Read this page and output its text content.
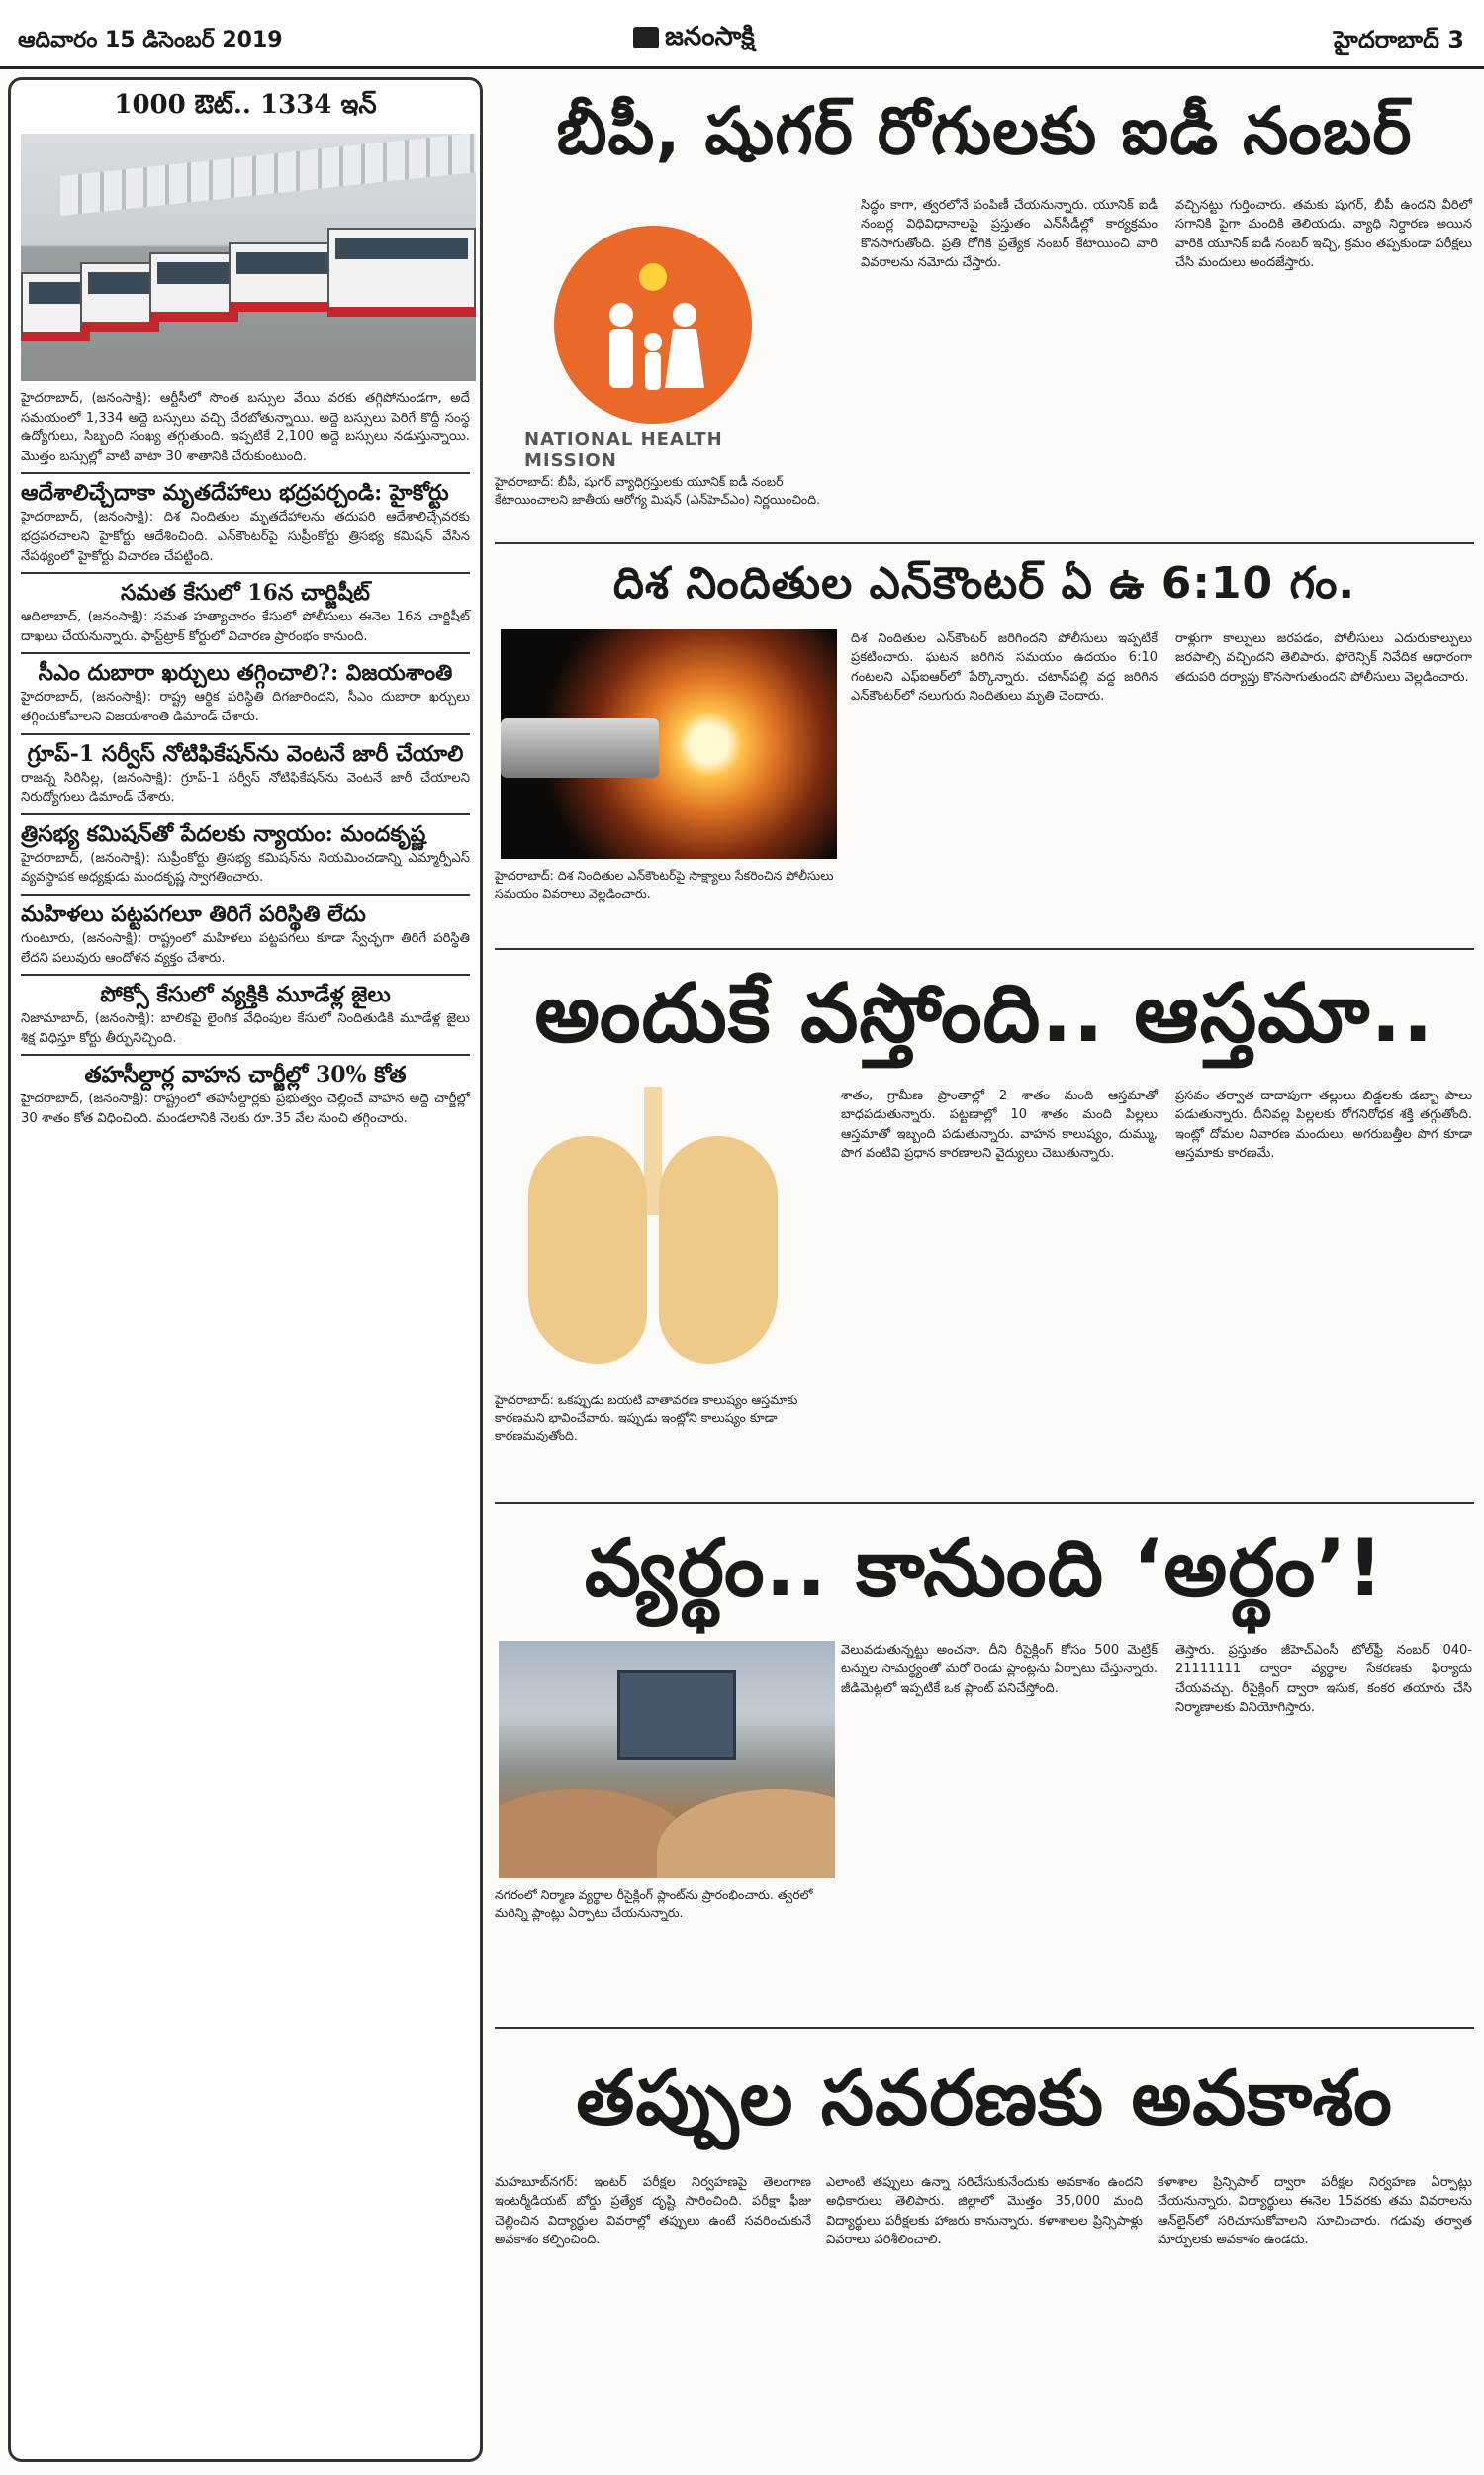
ఆదివారం 15 డిసెంబర్ 2019	జనంసాక్షి	హైదరాబాద్ 3
1000 ఔట్.. 1334 ఇన్

హైదరాబాద్‌, (జనంసాక్షి): ఆర్టీసీలో సొంత బస్సుల వేయి వరకు తగ్గిపోనుండగా, అదే సమయంలో 1,334 అద్దె బస్సులు వచ్చి చేరబోతున్నాయి. అద్దె బస్సులు పెరిగే కొద్దీ సంస్థ ఉద్యోగులు, సిబ్బంది సంఖ్య తగ్గుతుంది. ఇప్పటికే 2,100 అద్దె బస్సులు నడుస్తున్నాయి. మొత్తం బస్సుల్లో వాటి వాటా 30 శాతానికి చేరుకుంటుంది.

ఆదేశాలిచ్చేదాకా మృతదేహాలు భద్రపర్చండి: హైకోర్టు

హైదరాబాద్‌, (జనంసాక్షి): దిశ నిందితుల మృతదేహాలను తదుపరి ఆదేశాలిచ్చేవరకు భద్రపరచాలని హైకోర్టు ఆదేశించింది. ఎన్‌కౌంటర్‌పై సుప్రీంకోర్టు త్రిసభ్య కమిషన్‌ వేసిన నేపథ్యంలో హైకోర్టు విచారణ చేపట్టింది.

సమత కేసులో 16న చార్జిషీట్

ఆదిలాబాద్‌, (జనంసాక్షి): సమత హత్యాచారం కేసులో పోలీసులు ఈనెల 16న చార్జిషీట్‌ దాఖలు చేయనున్నారు. ఫాస్ట్‌ట్రాక్‌ కోర్టులో విచారణ ప్రారంభం కానుంది.

సీఎం దుబారా ఖర్చులు తగ్గించాలి?: విజయశాంతి

హైదరాబాద్‌, (జనంసాక్షి): రాష్ట్ర ఆర్థిక పరిస్థితి దిగజారిందని, సీఎం దుబారా ఖర్చులు తగ్గించుకోవాలని విజయశాంతి డిమాండ్‌ చేశారు.

గ్రూప్-1 సర్వీస్ నోటిఫికేషన్‌ను వెంటనే జారీ చేయాలి

రాజన్న సిరిసిల్ల, (జనంసాక్షి): గ్రూప్‌-1 సర్వీస్‌ నోటిఫికేషన్‌ను వెంటనే జారీ చేయాలని నిరుద్యోగులు డిమాండ్‌ చేశారు.

త్రిసభ్య కమిషన్‌తో పేదలకు న్యాయం: మందకృష్ణ

హైదరాబాద్‌, (జనంసాక్షి): సుప్రీంకోర్టు త్రిసభ్య కమిషన్‌ను నియమించడాన్ని ఎమ్మార్పీఎస్‌ వ్యవస్థాపక అధ్యక్షుడు మందకృష్ణ స్వాగతించారు.

మహిళలు పట్టపగలూ తిరిగే పరిస్థితి లేదు

గుంటూరు, (జనంసాక్షి): రాష్ట్రంలో మహిళలు పట్టపగలు కూడా స్వేచ్ఛగా తిరిగే పరిస్థితి లేదని పలువురు ఆందోళన వ్యక్తం చేశారు.

పోక్సో కేసులో వ్యక్తికి మూడేళ్ల జైలు

నిజామాబాద్‌, (జనంసాక్షి): బాలికపై లైంగిక వేధింపుల కేసులో నిందితుడికి మూడేళ్ల జైలు శిక్ష విధిస్తూ కోర్టు తీర్పునిచ్చింది.

తహసీల్దార్ల వాహన చార్జీల్లో 30% కోత

హైదరాబాద్‌, (జనంసాక్షి): రాష్ట్రంలో తహసీల్దార్లకు ప్రభుత్వం చెల్లించే వాహన అద్దె చార్జీల్లో 30 శాతం కోత విధించింది. మండలానికి నెలకు రూ.35 వేల నుంచి తగ్గించారు.

బీపీ, షుగర్ రోగులకు ఐడీ నంబర్
NATIONAL HEALTH MISSION

హైదరాబాద్‌: బీపీ, షుగర్‌ వ్యాధిగ్రస్తులకు యూనిక్‌ ఐడీ నంబర్‌ కేటాయించాలని జాతీయ ఆరోగ్య మిషన్‌ (ఎన్‌హెచ్‌ఎం) నిర్ణయించింది.

సిద్ధం కాగా, త్వరలోనే పంపిణీ చేయనున్నారు. యూనిక్‌ ఐడీ నంబర్ల విధివిధానాలపై ప్రస్తుతం ఎన్‌సీడీల్లో కార్యక్రమం కొనసాగుతోంది. ప్రతి రోగికి ప్రత్యేక నంబర్‌ కేటాయించి వారి వివరాలను నమోదు చేస్తారు.

వచ్చినట్టు గుర్తించారు. తమకు షుగర్‌, బీపీ ఉందని వీరిలో సగానికి పైగా మందికి తెలియదు. వ్యాధి నిర్ధారణ అయిన వారికి యూనిక్‌ ఐడీ నంబర్‌ ఇచ్చి, క్రమం తప్పకుండా పరీక్షలు చేసి మందులు అందజేస్తారు.

దిశ నిందితుల ఎన్‌కౌంటర్ ఏ ఉ 6:10 గం.

హైదరాబాద్‌: దిశ నిందితుల ఎన్‌కౌంటర్‌పై సాక్ష్యాలు సేకరించిన పోలీసులు సమయం వివరాలు వెల్లడించారు.

దిశ నిందితుల ఎన్‌కౌంటర్‌ జరిగిందని పోలీసులు ఇప్పటికే ప్రకటించారు. ఘటన జరిగిన సమయం ఉదయం 6:10 గంటలని ఎఫ్‌ఐఆర్‌లో పేర్కొన్నారు. చటాన్‌పల్లి వద్ద జరిగిన ఎన్‌కౌంటర్‌లో నలుగురు నిందితులు మృతి చెందారు.

రాళ్లుగా కాల్పులు జరపడం, పోలీసులు ఎదురుకాల్పులు జరపాల్సి వచ్చిందని తెలిపారు. ఫోరెన్సిక్‌ నివేదిక ఆధారంగా తదుపరి దర్యాప్తు కొనసాగుతుందని పోలీసులు వెల్లడించారు.

అందుకే వస్తోంది.. ఆస్తమా..

హైదరాబాద్‌: ఒకప్పుడు బయటి వాతావరణ కాలుష్యం ఆస్తమాకు కారణమని భావించేవారు. ఇప్పుడు ఇంట్లోని కాలుష్యం కూడా కారణమవుతోంది.

శాతం, గ్రామీణ ప్రాంతాల్లో 2 శాతం మంది ఆస్తమాతో బాధపడుతున్నారు. పట్టణాల్లో 10 శాతం మంది పిల్లలు ఆస్తమాతో ఇబ్బంది పడుతున్నారు. వాహన కాలుష్యం, దుమ్ము, పొగ వంటివి ప్రధాన కారణాలని వైద్యులు చెబుతున్నారు.

ప్రసవం తర్వాత దాదాపుగా తల్లులు బిడ్డలకు డబ్బా పాలు పడుతున్నారు. దీనివల్ల పిల్లలకు రోగనిరోధక శక్తి తగ్గుతోంది. ఇంట్లో దోమల నివారణ మందులు, అగరుబత్తీల పొగ కూడా ఆస్తమాకు కారణమే.

వ్యర్థం.. కానుంది ‘అర్థం’!

నగరంలో నిర్మాణ వ్యర్థాల రీసైక్లింగ్‌ ప్లాంట్‌ను ప్రారంభించారు. త్వరలో మరిన్ని ప్లాంట్లు ఏర్పాటు చేయనున్నారు.

వెలువడుతున్నట్టు అంచనా. దీని రీసైక్లింగ్‌ కోసం 500 మెట్రిక్‌ టన్నుల సామర్థ్యంతో మరో రెండు ప్లాంట్లను ఏర్పాటు చేస్తున్నారు. జీడిమెట్లలో ఇప్పటికే ఒక ప్లాంట్‌ పనిచేస్తోంది.

తెస్తారు. ప్రస్తుతం జీహెచ్‌ఎంసీ టోల్‌ఫ్రీ నంబర్‌ 040-21111111 ద్వారా వ్యర్థాల సేకరణకు ఫిర్యాదు చేయవచ్చు. రీసైక్లింగ్‌ ద్వారా ఇసుక, కంకర తయారు చేసి నిర్మాణాలకు వినియోగిస్తారు.

తప్పుల సవరణకు అవకాశం

మహబూబ్‌నగర్‌: ఇంటర్‌ పరీక్షల నిర్వహణపై తెలంగాణ ఇంటర్మీడియట్‌ బోర్డు ప్రత్యేక దృష్టి సారించింది. పరీక్షా ఫీజు చెల్లించిన విద్యార్థుల వివరాల్లో తప్పులు ఉంటే సవరించుకునే అవకాశం కల్పించింది.

ఎలాంటి తప్పులు ఉన్నా సరిచేసుకునేందుకు అవకాశం ఉందని అధికారులు తెలిపారు. జిల్లాలో మొత్తం 35,000 మంది విద్యార్థులు పరీక్షలకు హాజరు కానున్నారు. కళాశాలల ప్రిన్సిపాళ్లు వివరాలు పరిశీలించాలి.

కళాశాల ప్రిన్సిపాల్‌ ద్వారా పరీక్షల నిర్వహణ ఏర్పాట్లు చేయనున్నారు. విద్యార్థులు ఈనెల 15వరకు తమ వివరాలను ఆన్‌లైన్‌లో సరిచూసుకోవాలని సూచించారు. గడువు తర్వాత మార్పులకు అవకాశం ఉండదు.
